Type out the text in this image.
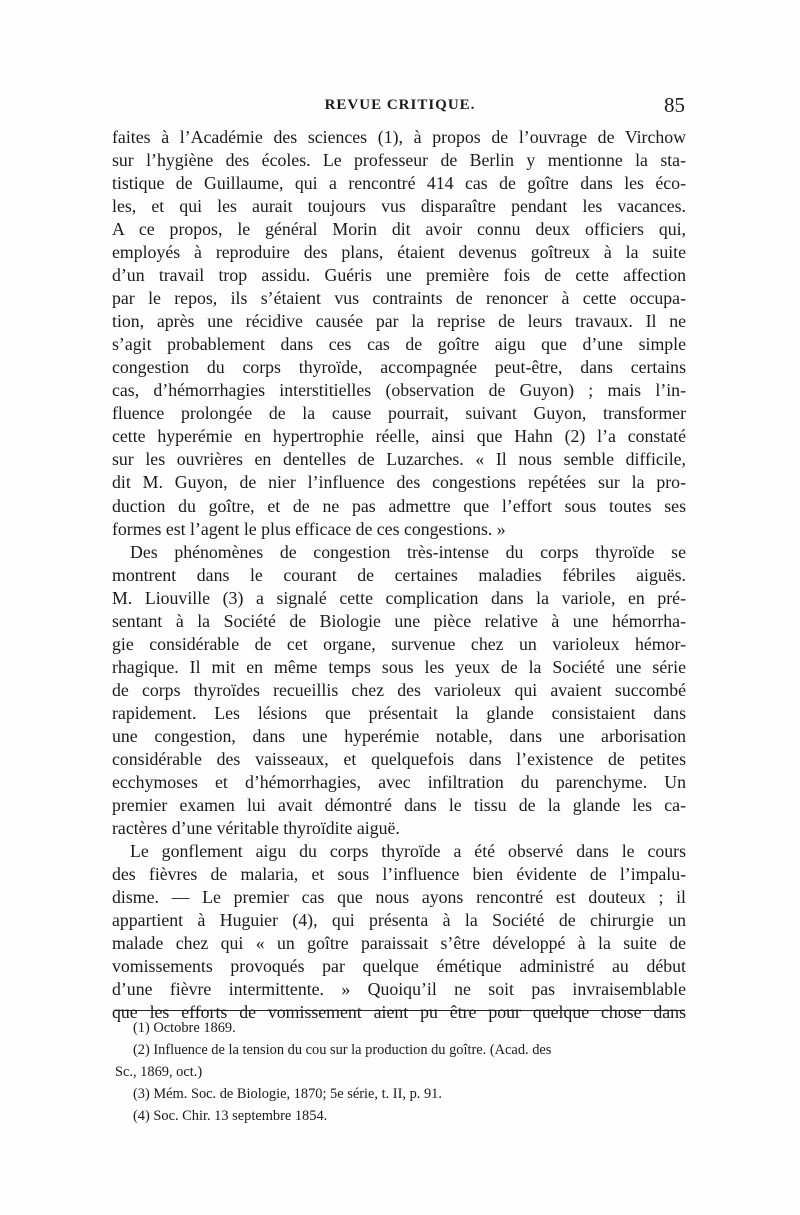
REVUE CRITIQUE.	85
faites à l’Académie des sciences (1), à propos de l’ouvrage de Virchow
sur l’hygiène des écoles. Le professeur de Berlin y mentionne la sta-
tistique de Guillaume, qui a rencontré 414 cas de goître dans les éco-
les, et qui les aurait toujours vus disparaître pendant les vacances.
A ce propos, le général Morin dit avoir connu deux officiers qui,
employés à reproduire des plans, étaient devenus goîtreux à la suite
d’un travail trop assidu. Guéris une première fois de cette affection
par le repos, ils s’étaient vus contraints de renoncer à cette occupa-
tion, après une récidive causée par la reprise de leurs travaux. Il ne
s’agit probablement dans ces cas de goître aigu que d’une simple
congestion du corps thyroïde, accompagnée peut-être, dans certains
cas, d’hémorrhagies interstitielles (observation de Guyon) ; mais l’in-
fluence prolongée de la cause pourrait, suivant Guyon, transformer
cette hyperémie en hypertrophie réelle, ainsi que Hahn (2) l’a constaté
sur les ouvrières en dentelles de Luzarches. « Il nous semble difficile,
dit M. Guyon, de nier l’influence des congestions repétées sur la pro-
duction du goître, et de ne pas admettre que l’effort sous toutes ses
formes est l’agent le plus efficace de ces congestions. »
Des phénomènes de congestion très-intense du corps thyroïde se
montrent dans le courant de certaines maladies fébriles aiguës.
M. Liouville (3) a signalé cette complication dans la variole, en pré-
sentant à la Société de Biologie une pièce relative à une hémorrha-
gie considérable de cet organe, survenue chez un varioleux hémor-
rhagique. Il mit en même temps sous les yeux de la Société une série
de corps thyroïdes recueillis chez des varioleux qui avaient succombé
rapidement. Les lésions que présentait la glande consistaient dans
une congestion, dans une hyperémie notable, dans une arborisation
considérable des vaisseaux, et quelquefois dans l’existence de petites
ecchymoses et d’hémorrhagies, avec infiltration du parenchyme. Un
premier examen lui avait démontré dans le tissu de la glande les ca-
ractères d’une véritable thyroïdite aiguë.
Le gonflement aigu du corps thyroïde a été observé dans le cours
des fièvres de malaria, et sous l’influence bien évidente de l’impalu-
disme. — Le premier cas que nous ayons rencontré est douteux ; il
appartient à Huguier (4), qui présenta à la Société de chirurgie un
malade chez qui « un goître paraissait s’être développé à la suite de
vomissements provoqués par quelque émétique administré au début
d’une fièvre intermittente. » Quoiqu’il ne soit pas invraisemblable
que les efforts de vomissement aient pu être pour quelque chose dans
(1) Octobre 1869.
(2) Influence de la tension du cou sur la production du goître. (Acad. des
Sc., 1869, oct.)
(3) Mém. Soc. de Biologie, 1870; 5e série, t. II, p. 91.
(4) Soc. Chir. 13 septembre 1854.
